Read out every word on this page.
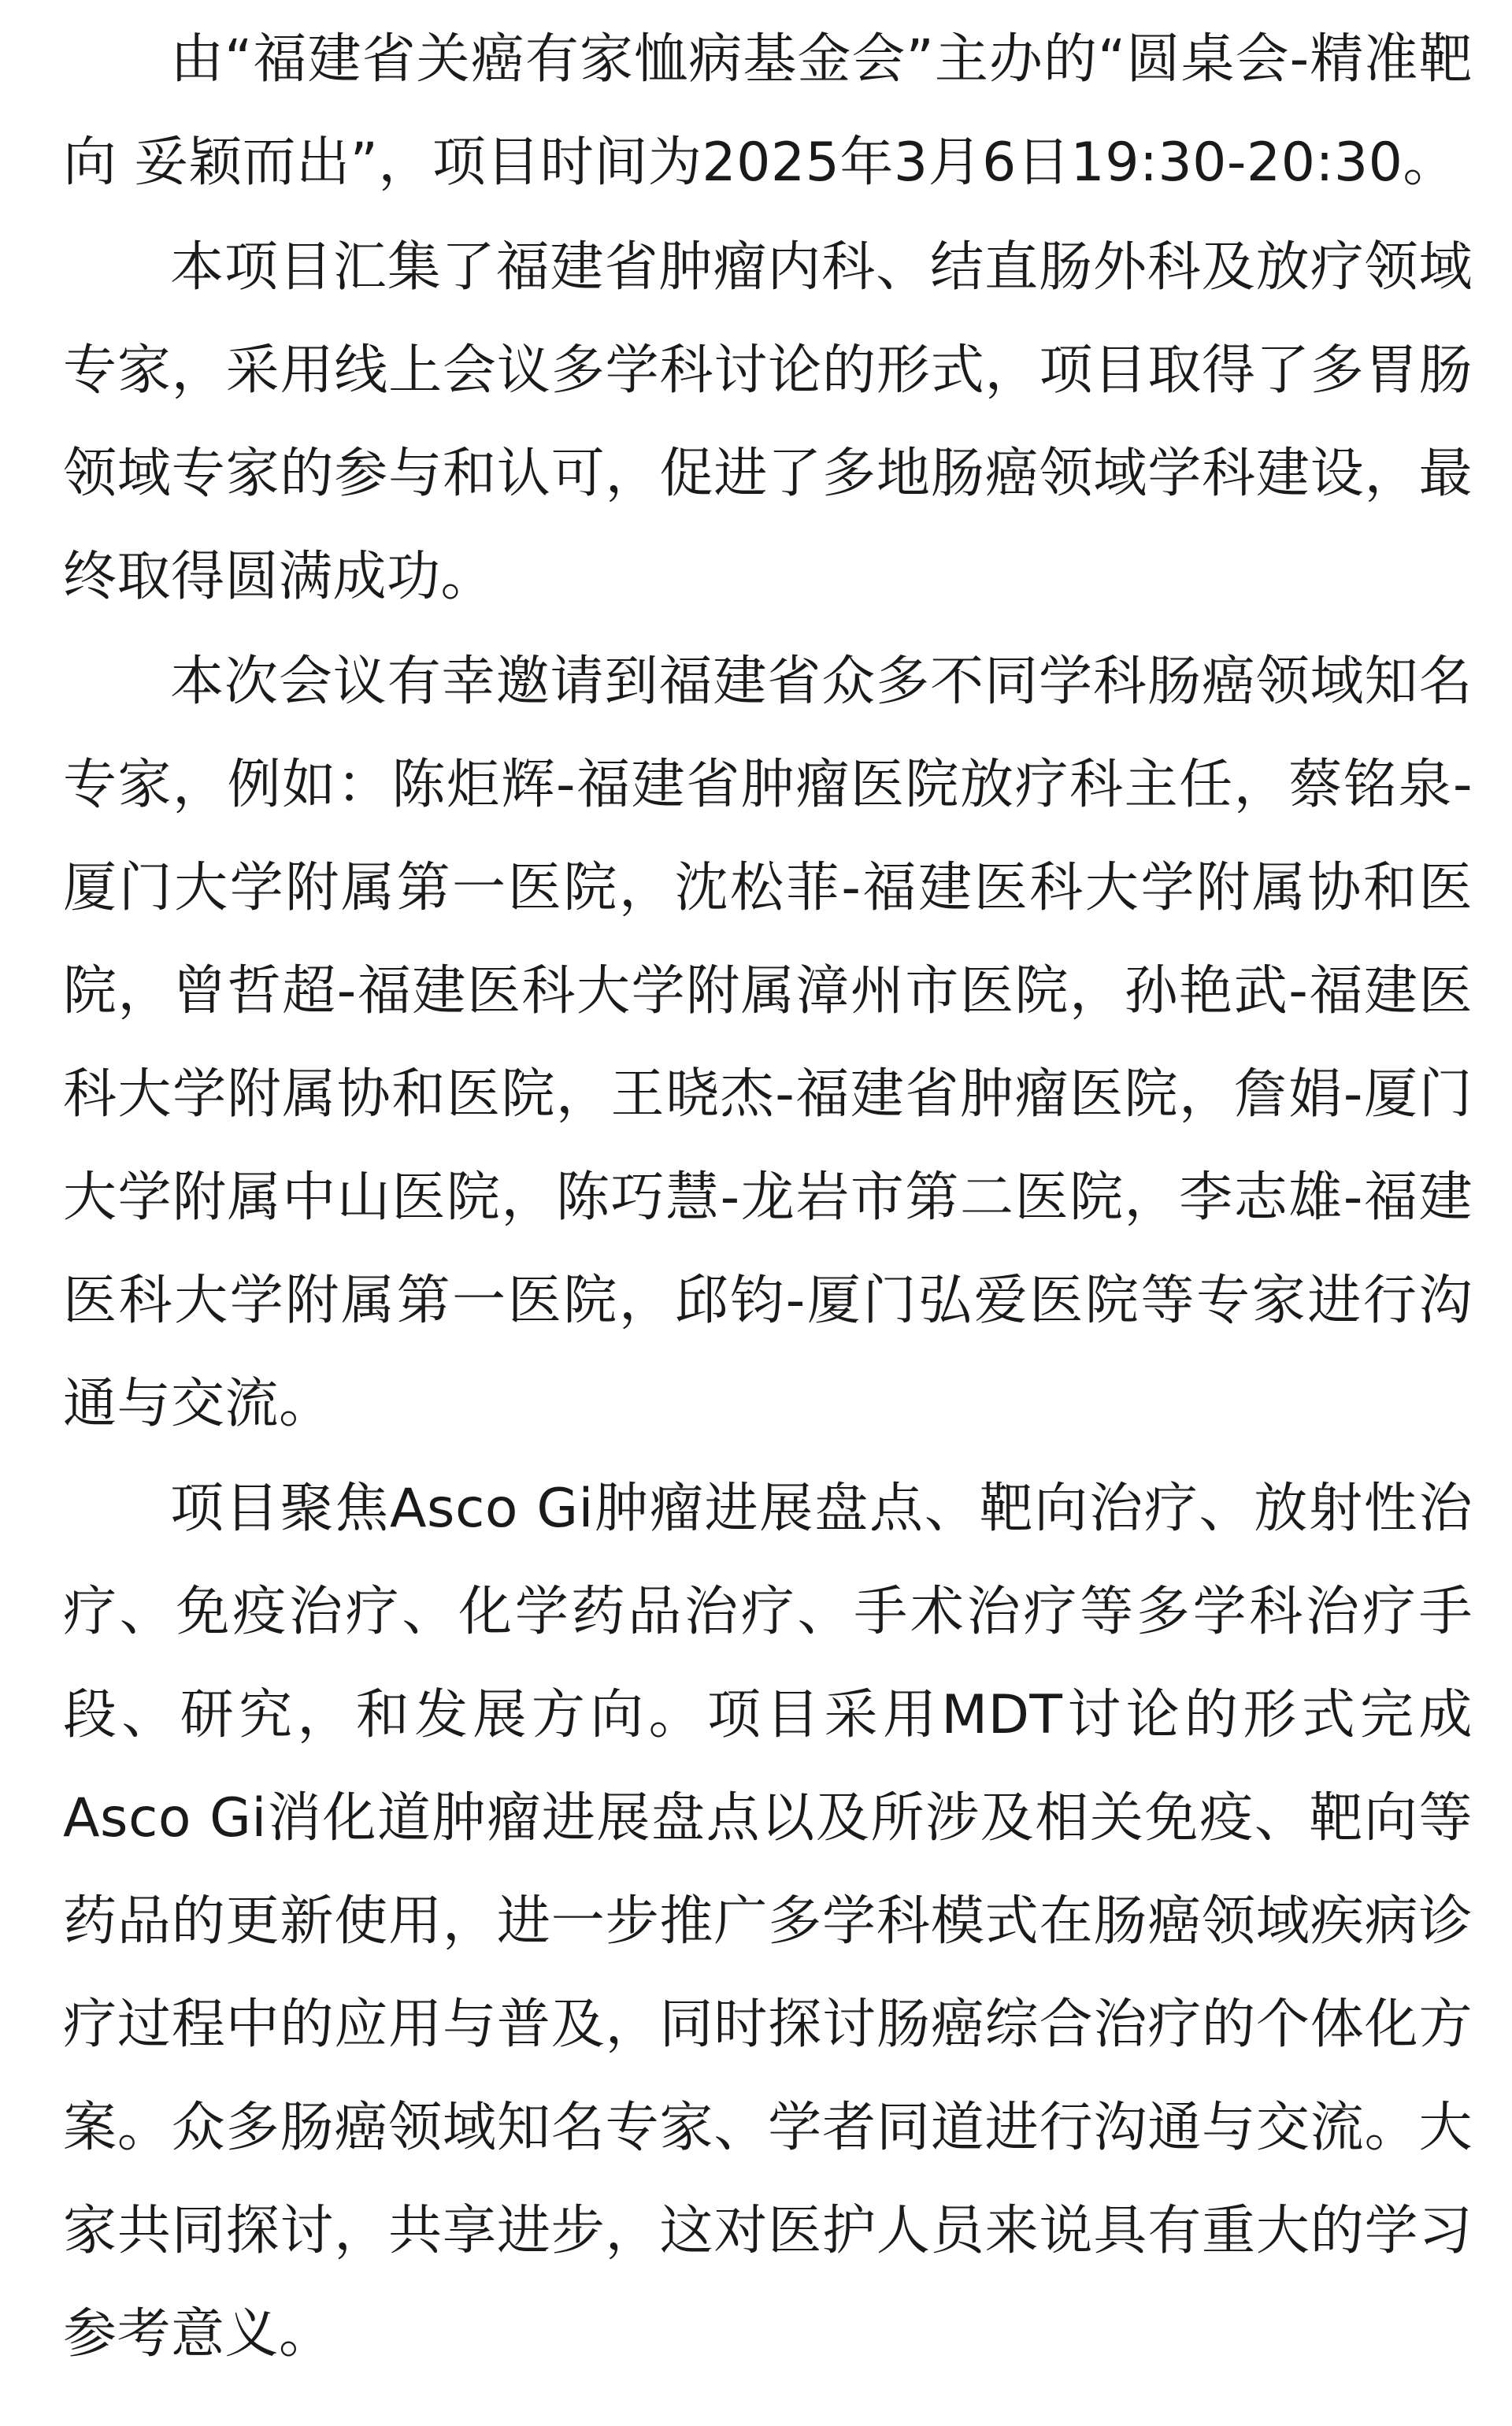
由“福建省关癌有家恤病基金会”主办的“圆桌会-精准靶向 妥颖而出”，项目时间为2025年3月6日19:30-20:30。

本项目汇集了福建省肿瘤内科、结直肠外科及放疗领域专家，采用线上会议多学科讨论的形式，项目取得了多胃肠领域专家的参与和认可，促进了多地肠癌领域学科建设，最终取得圆满成功。

本次会议有幸邀请到福建省众多不同学科肠癌领域知名专家，例如：陈炬辉-福建省肿瘤医院放疗科主任，蔡铭泉-厦门大学附属第一医院，沈松菲-福建医科大学附属协和医院，曾哲超-福建医科大学附属漳州市医院，孙艳武-福建医科大学附属协和医院，王晓杰-福建省肿瘤医院，詹娟-厦门大学附属中山医院，陈巧慧-龙岩市第二医院，李志雄-福建医科大学附属第一医院，邱钧-厦门弘爱医院等专家进行沟通与交流。

项目聚焦Asco Gi肿瘤进展盘点、靶向治疗、放射性治疗、免疫治疗、化学药品治疗、手术治疗等多学科治疗手段、研究，和发展方向。项目采用MDT讨论的形式完成Asco Gi消化道肿瘤进展盘点以及所涉及相关免疫、靶向等药品的更新使用，进一步推广多学科模式在肠癌领域疾病诊疗过程中的应用与普及，同时探讨肠癌综合治疗的个体化方案。众多肠癌领域知名专家、学者同道进行沟通与交流。大家共同探讨，共享进步，这对医护人员来说具有重大的学习参考意义。
